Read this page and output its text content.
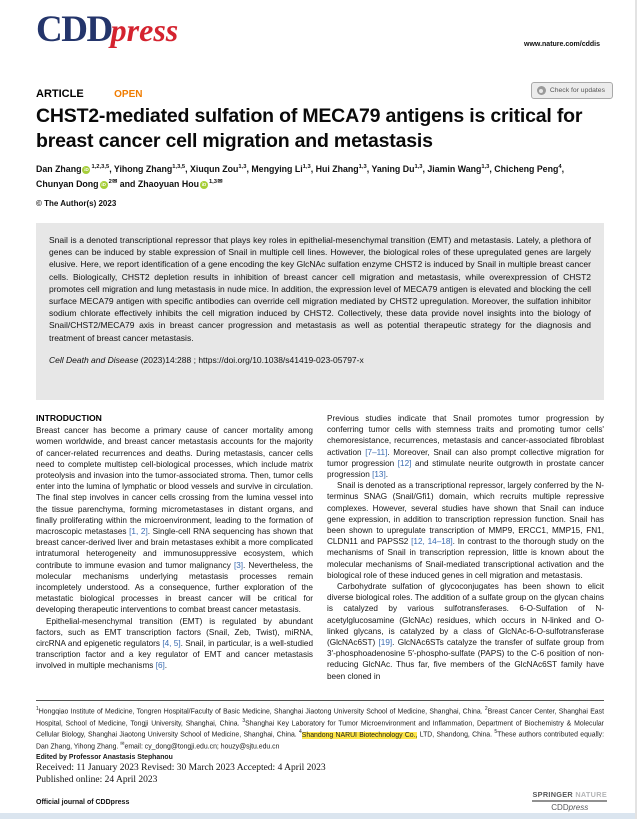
CDDpress	www.nature.com/cddis
ARTICLE	OPEN	Check for updates
CHST2-mediated sulfation of MECA79 antigens is critical for breast cancer cell migration and metastasis
Dan Zhang iD $^{1,2,3,5}$, Yihong Zhang$^{1,3,5}$, Xiuqun Zou$^{1,3}$, Mengying Li$^{1,3}$, Hui Zhang$^{1,3}$, Yaning Du$^{1,3}$, Jiamin Wang$^{1,3}$, Chicheng Peng$^4$, Chunyan Dong iD $^{2✉}$ and Zhaoyuan Hou iD $^{1,3✉}$
© The Author(s) 2023

Snail is a denoted transcriptional repressor that plays key roles in epithelial-mesenchymal transition (EMT) and metastasis. Lately, a plethora of genes can be induced by stable expression of Snail in multiple cell lines. However, the biological roles of these upregulated genes are largely elusive. Here, we report identification of a gene encoding the key GlcNAc sulfation enzyme CHST2 is induced by Snail in multiple breast cancer cells. Biologically, CHST2 depletion results in inhibition of breast cancer cell migration and metastasis, while overexpression of CHST2 promotes cell migration and lung metastasis in nude mice. In addition, the expression level of MECA79 antigen is elevated and blocking the cell surface MECA79 antigen with specific antibodies can override cell migration mediated by CHST2 upregulation. Moreover, the sulfation inhibitor sodium chlorate effectively inhibits the cell migration induced by CHST2. Collectively, these data provide novel insights into the biology of Snail/CHST2/MECA79 axis in breast cancer progression and metastasis as well as potential therapeutic strategy for the diagnosis and treatment of breast cancer metastasis.

Cell Death and Disease (2023)14:288 ; https://doi.org/10.1038/s41419-023-05797-x

INTRODUCTION

Breast cancer has become a primary cause of cancer mortality among women worldwide, and breast cancer metastasis accounts for the majority of cancer-related recurrences and deaths. During metastasis, cancer cells need to complete multistep cell-biological processes, which include matrix proteolysis and invasion into the tumor-associated stroma. Then, tumor cells enter into the lumina of lymphatic or blood vessels and survive in circulation. The final step involves in cancer cells crossing from the lumina vessel into the tissue parenchyma, forming micrometastases in distant organs, and finally proliferating within the microenvironment, leading to the formation of macroscopic metastases [1, 2]. Single-cell RNA sequencing has shown that breast cancer-derived liver and brain metastases exhibit a more complicated intratumoral heterogeneity and immunosuppressive ecosystem, which contribute to immune evasion and tumor malignancy [3]. Nevertheless, the molecular mechanisms underlying metastasis processes remain incompletely understood. As a consequence, further exploration of the metastatic biological processes in breast cancer will be critical for developing therapeutic interventions to combat breast cancer metastasis.

Epithelial-mesenchymal transition (EMT) is regulated by abundant factors, such as EMT transcription factors (Snail, Zeb, Twist), miRNA, circRNA and epigenetic regulators [4, 5]. Snail, in particular, is a well-studied transcription factor and a key regulator of EMT and cancer metastasis involved in multiple mechanisms [6].

Previous studies indicate that Snail promotes tumor progression by conferring tumor cells with stemness traits and promoting tumor cells' chemoresistance, recurrences, metastasis and cancer-associated fibroblast activation [7–11]. Moreover, Snail can also prompt collective migration for tumor progression [12] and stimulate neurite outgrowth in prostate cancer progression [13].

Snail is denoted as a transcriptional repressor, largely conferred by the N-terminus SNAG (Snail/Gfi1) domain, which recruits multiple repressive complexes. However, several studies have shown that Snail can induce gene expression, in addition to transcription repression function. Snail has been shown to upregulate transcription of MMP9, ERCC1, MMP15, FN1, CLDN11 and PAPSS2 [12, 14–18]. In contrast to the thorough study on the mechanisms of Snail in transcription repression, little is known about the molecular mechanisms of Snail-mediated transcriptional activation and the biological role of these induced genes in cell migration and metastasis.

Carbohydrate sulfation of glycoconjugates has been shown to elicit diverse biological roles. The addition of a sulfate group on the glycan chains is catalyzed by various sulfotransferases. 6-O-Sulfation of N-acetylglucosamine (GlcNAc) residues, which occurs in N-linked and O-linked glycans, is catalyzed by a class of GlcNAc-6-O-sulfotransferase (GlcNAc6ST) [19]. GlcNAc6STs catalyze the transfer of sulfate group from 3′-phosphoadenosine 5′-phospho-sulfate (PAPS) to the C-6 position of non-reducing GlcNAc. Thus far, five members of the GlcNAc6ST family have been cloned in

$^1$Hongqiao Institute of Medicine, Tongren Hospital/Faculty of Basic Medicine, Shanghai Jiaotong University School of Medicine, Shanghai, China. $^2$Breast Cancer Center, Shanghai East Hospital, School of Medicine, Tongji University, Shanghai, China. $^3$Shanghai Key Laboratory for Tumor Microenvironment and Inflammation, Department of Biochemistry & Molecular Cellular Biology, Shanghai Jiaotong University School of Medicine, Shanghai, China. $^4$Shandong NARUI Biotechnology Co., LTD, Shandong, China. $^5$These authors contributed equally: Dan Zhang, Yihong Zhang. ✉email: cy_dong@tongji.edu.cn; houzy@sjtu.edu.cn
Edited by Professor Anastasis Stephanou
Received: 11 January 2023 Revised: 30 March 2023 Accepted: 4 April 2023
Published online: 24 April 2023
Official journal of CDDpress
SPRINGER NATURE
CDDpress
